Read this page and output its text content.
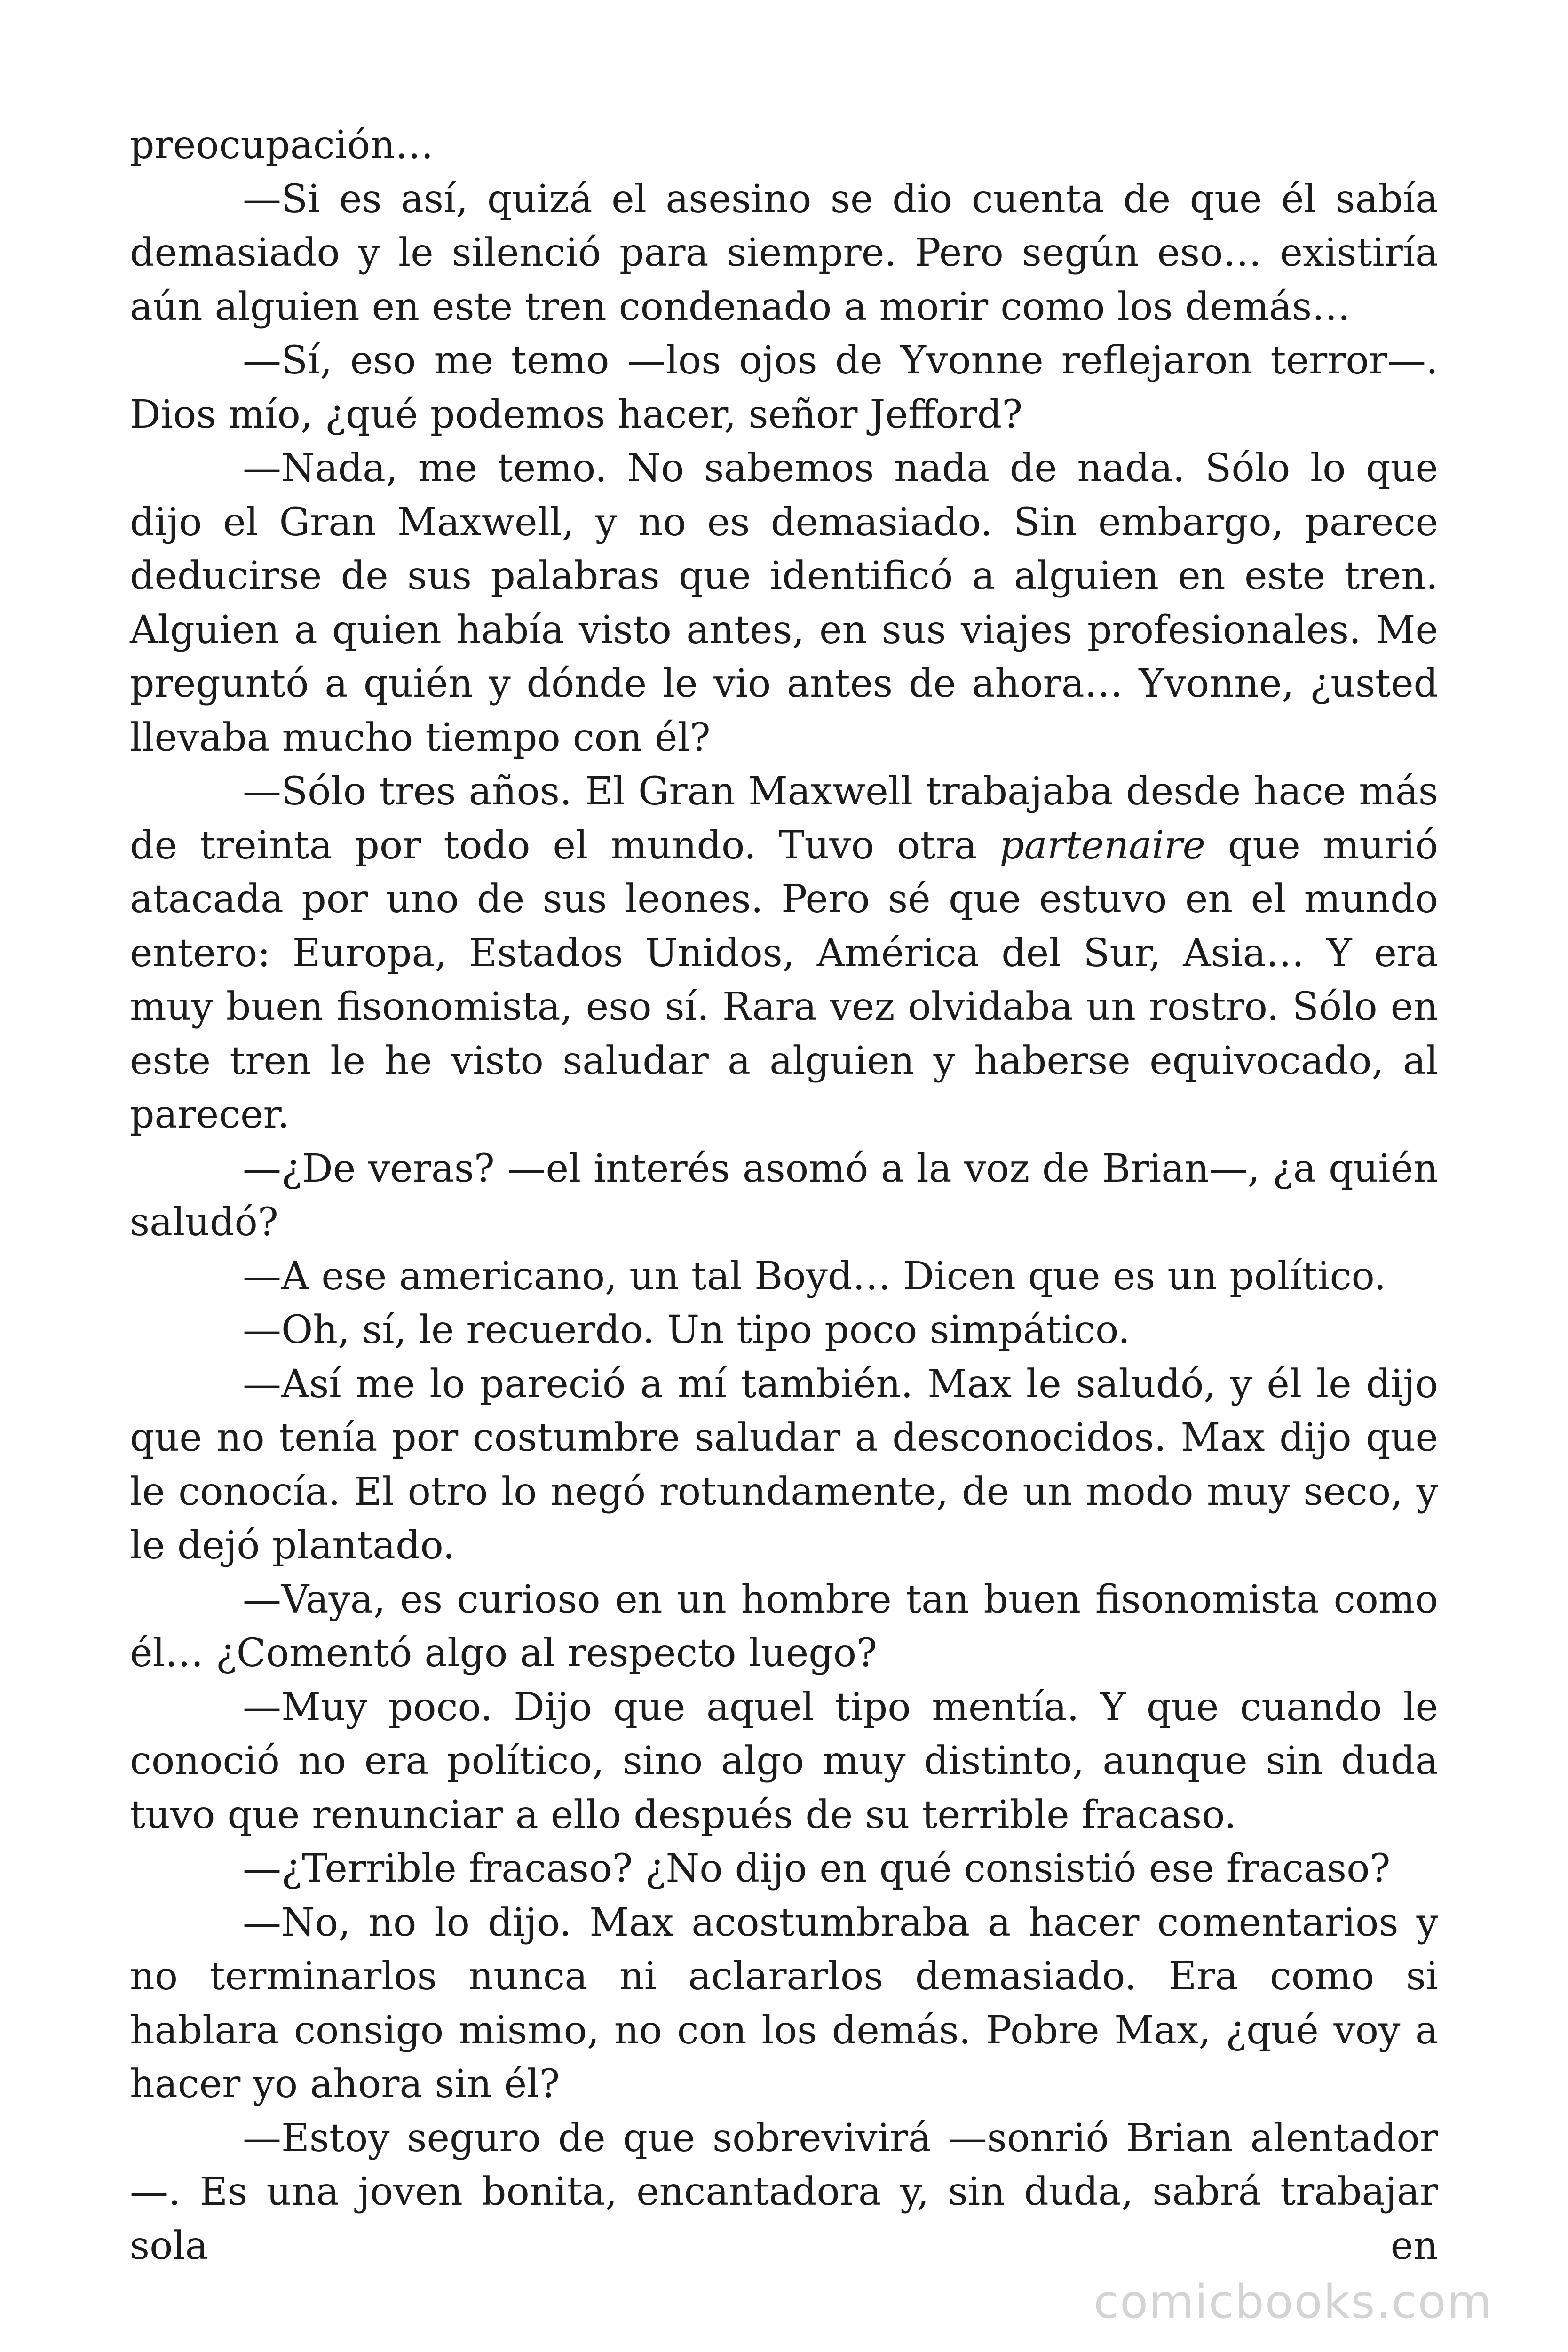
preocupación…

—Si es así, quizá el asesino se dio cuenta de que él sabía demasiado y le silenció para siempre. Pero según eso… existiría aún alguien en este tren condenado a morir como los demás…

—Sí, eso me temo —los ojos de Yvonne reflejaron terror—. Dios mío, ¿qué podemos hacer, señor Jefford?

—Nada, me temo. No sabemos nada de nada. Sólo lo que dijo el Gran Maxwell, y no es demasiado. Sin embargo, parece deducirse de sus palabras que identificó a alguien en este tren. Alguien a quien había visto antes, en sus viajes profesionales. Me preguntó a quién y dónde le vio antes de ahora… Yvonne, ¿usted llevaba mucho tiempo con él?

—Sólo tres años. El Gran Maxwell trabajaba desde hace más de treinta por todo el mundo. Tuvo otra partenaire que murió atacada por uno de sus leones. Pero sé que estuvo en el mundo entero: Europa, Estados Unidos, América del Sur, Asia… Y era muy buen fisonomista, eso sí. Rara vez olvidaba un rostro. Sólo en este tren le he visto saludar a alguien y haberse equivocado, al parecer.

—¿De veras? —el interés asomó a la voz de Brian—, ¿a quién saludó?

—A ese americano, un tal Boyd… Dicen que es un político.

—Oh, sí, le recuerdo. Un tipo poco simpático.

—Así me lo pareció a mí también. Max le saludó, y él le dijo que no tenía por costumbre saludar a desconocidos. Max dijo que le conocía. El otro lo negó rotundamente, de un modo muy seco, y le dejó plantado.

—Vaya, es curioso en un hombre tan buen fisonomista como él… ¿Comentó algo al respecto luego?

—Muy poco. Dijo que aquel tipo mentía. Y que cuando le conoció no era político, sino algo muy distinto, aunque sin duda tuvo que renunciar a ello después de su terrible fracaso.

—¿Terrible fracaso? ¿No dijo en qué consistió ese fracaso?

—No, no lo dijo. Max acostumbraba a hacer comentarios y no terminarlos nunca ni aclararlos demasiado. Era como si hablara consigo mismo, no con los demás. Pobre Max, ¿qué voy a hacer yo ahora sin él?

—Estoy seguro de que sobrevivirá —sonrió Brian alentador—. Es una joven bonita, encantadora y, sin duda, sabrá trabajar sola en

comicbooks.com
